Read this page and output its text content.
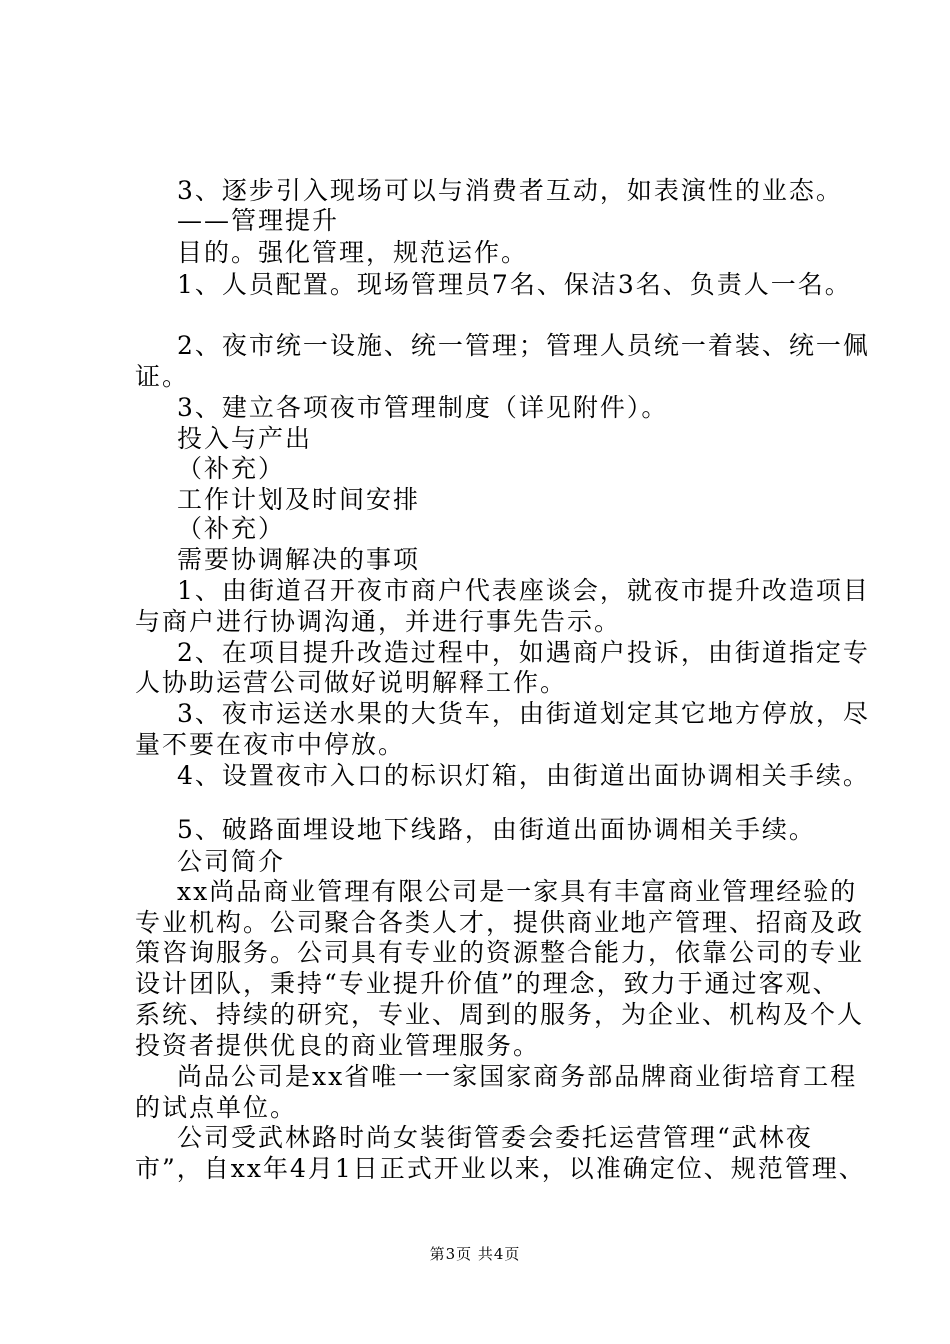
3、逐步引入现场可以与消费者互动，如表演性的业态。
——管理提升
目的。强化管理，规范运作。
1、人员配置。现场管理员7名、保洁3名、负责人一名。
2、夜市统一设施、统一管理；管理人员统一着装、统一佩
证。
3、建立各项夜市管理制度（详见附件）。
投入与产出
（补充）
工作计划及时间安排
（补充）
需要协调解决的事项
1、由街道召开夜市商户代表座谈会，就夜市提升改造项目
与商户进行协调沟通，并进行事先告示。
2、在项目提升改造过程中，如遇商户投诉，由街道指定专
人协助运营公司做好说明解释工作。
3、夜市运送水果的大货车，由街道划定其它地方停放，尽
量不要在夜市中停放。
4、设置夜市入口的标识灯箱，由街道出面协调相关手续。
5、破路面埋设地下线路，由街道出面协调相关手续。
公司简介
xx尚品商业管理有限公司是一家具有丰富商业管理经验的
专业机构。公司聚合各类人才，提供商业地产管理、招商及政
策咨询服务。公司具有专业的资源整合能力，依靠公司的专业
设计团队，秉持“专业提升价值”的理念，致力于通过客观、
系统、持续的研究，专业、周到的服务，为企业、机构及个人
投资者提供优良的商业管理服务。
尚品公司是xx省唯一一家国家商务部品牌商业街培育工程
的试点单位。
公司受武林路时尚女装街管委会委托运营管理“武林夜
市”，自xx年4月1日正式开业以来，以准确定位、规范管理、
第3页 共4页
